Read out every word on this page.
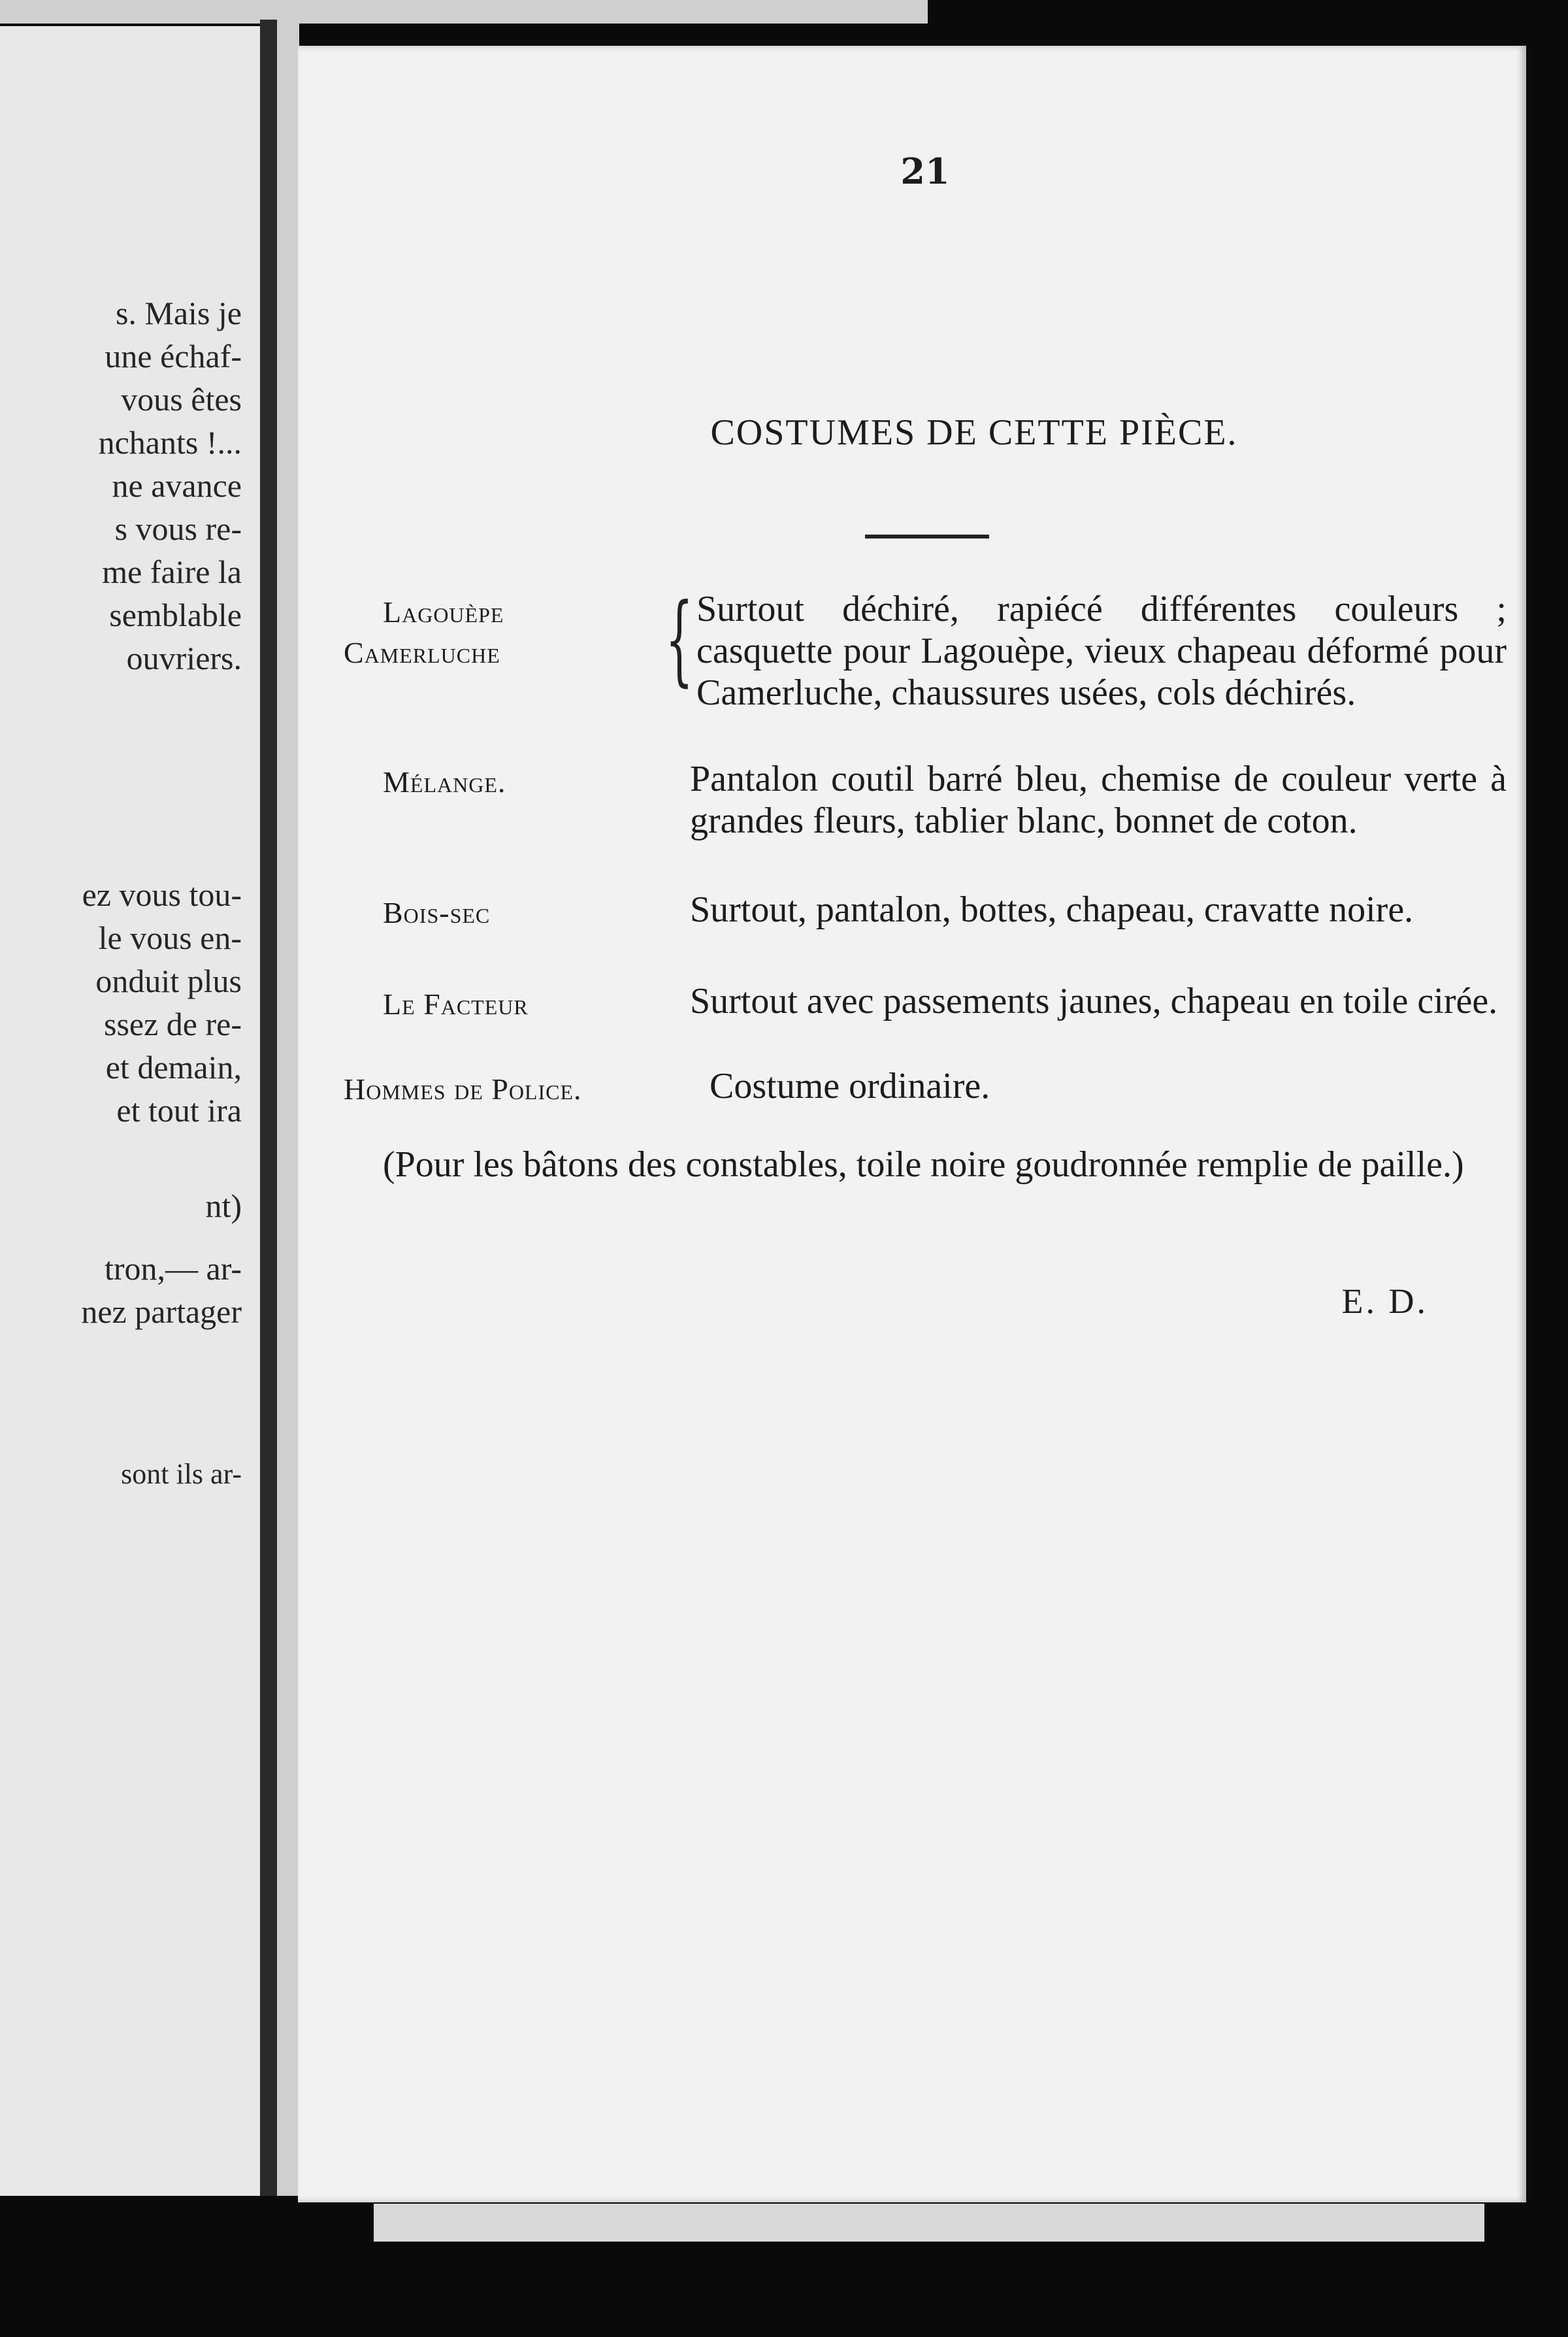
s. Mais je
une échaf-
vous êtes
nchants !...
ne avance
s vous re-
me faire la
semblable
ouvriers.
ez vous tou-
le vous en-
onduit plus
ssez de re-
et demain,
et tout ira
nt)
tron,— ar-
nez partager
sont ils ar-
21
COSTUMES DE CETTE PIÈCE.
Lagouèpe
Camerluche { Surtout déchiré, rapiécé différentes couleurs ; casquette pour Lagouèpe, vieux chapeau déformé pour Camerluche, chaussures usées, cols déchirés.
Mélange.	Pantalon coutil barré bleu, chemise de couleur verte à grandes fleurs, tablier blanc, bonnet de coton.
Bois-sec	Surtout, pantalon, bottes, chapeau, cravatte noire.
Le Facteur	Surtout avec passements jaunes, chapeau en toile cirée.
Hommes de Police.	Costume ordinaire.
(Pour les bâtons des constables, toile noire goudronnée remplie de paille.)
E. D.
